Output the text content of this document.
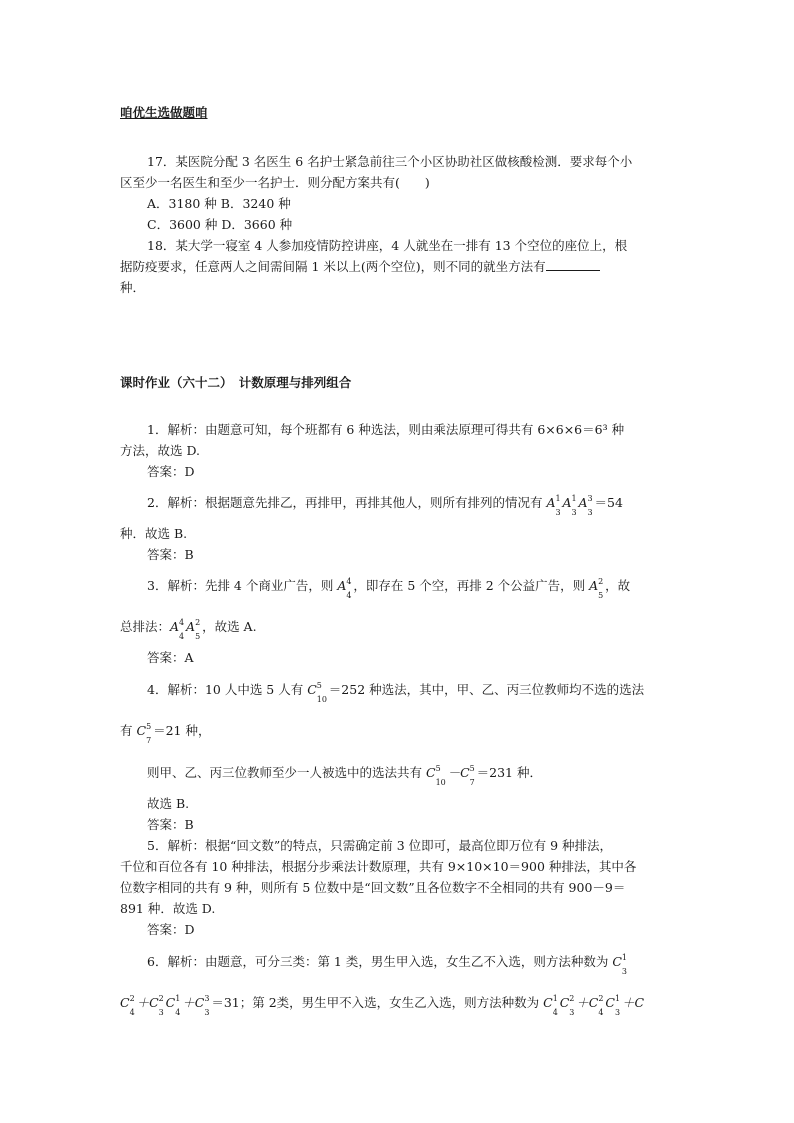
咱优生选做题咱
17．某医院分配 3 名医生 6 名护士紧急前往三个小区协助社区做核酸检测．要求每个小
区至少一名医生和至少一名护士．则分配方案共有(　　)
A．3180 种 B．3240 种
C．3600 种 D．3660 种
18．某大学一寝室 4 人参加疫情防控讲座，4 人就坐在一排有 13 个空位的座位上，根
据防疫要求，任意两人之间需间隔 1 米以上(两个空位)，则不同的就坐方法有
种．
课时作业（六十二）　计数原理与排列组合
1．解析：由题意可知，每个班都有 6 种选法，则由乘法原理可得共有 6×6×6＝6³ 种
方法，故选 D.
答案：D
2．解析：根据题意先排乙，再排甲，再排其他人，则所有排列的情况有 A 1
3
A 1
3
A 3
3
＝54
种．故选 B.
答案：B
3．解析：先排 4 个商业广告，则 A 4
4
，即存在 5 个空，再排 2 个公益广告，则 A 2
5
，故
总排法：A 4
4
A 2
5
，故选 A.
答案：A
4．解析：10 人中选 5 人有 C 5
10
＝252 种选法，其中，甲、乙、丙三位教师均不选的选法
有 C 5
7
＝21 种，
则甲、乙、丙三位教师至少一人被选中的选法共有 C 5
10
－C 5
7
＝231 种．
故选 B.
答案：B
5．解析：根据“回文数”的特点，只需确定前 3 位即可，最高位即万位有 9 种排法，
千位和百位各有 10 种排法，根据分步乘法计数原理，共有 9×10×10＝900 种排法，其中各
位数字相同的共有 9 种，则所有 5 位数中是“回文数”且各位数字不全相同的共有 900－9＝
891 种．故选 D.
答案：D
6．解析：由题意，可分三类：第 1 类，男生甲入选，女生乙不入选，则方法种数为 C 1
3
C 2
4
＋C 2
3
C 1
4
＋C 3
3
＝31；第 2类，男生甲不入选，女生乙入选，则方法种数为 C 1
4
C 2
3
＋C 2
4
C 1
3
＋C
